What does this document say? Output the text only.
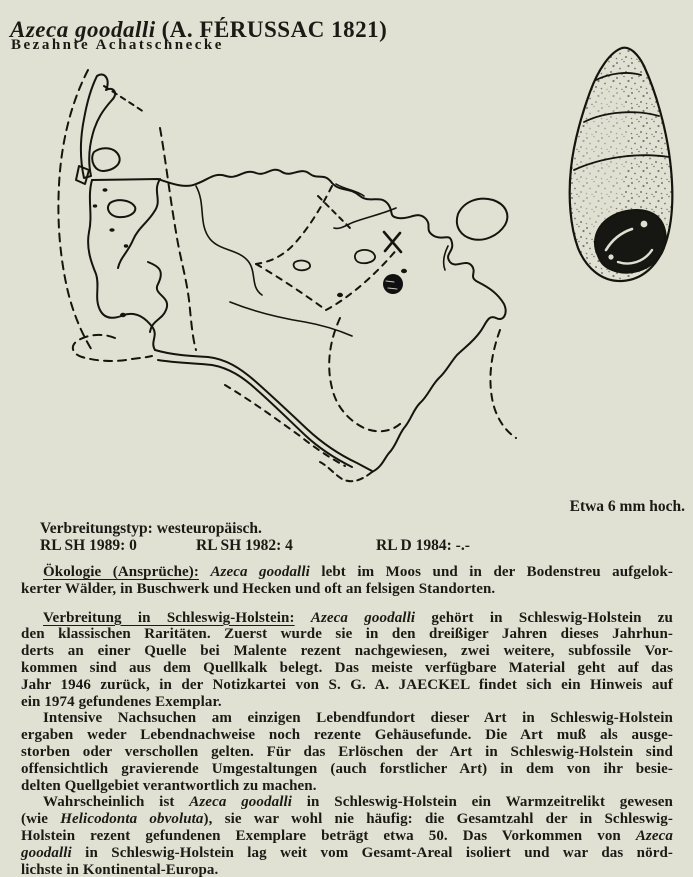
Azeca goodalli (A. FÉRUSSAC 1821)
Bezahnte Achatschnecke
Etwa 6 mm hoch.
Verbreitungstyp: westeuropäisch.
RL SH 1989: 0	RL SH 1982: 4	RL D 1984: -.-
Ökologie (Ansprüche): Azeca goodalli lebt im Moos und in der Bodenstreu aufgelok-
kerter Wälder, in Buschwerk und Hecken und oft an felsigen Standorten.
Verbreitung in Schleswig-Holstein: Azeca goodalli gehört in Schleswig-Holstein zu
den klassischen Raritäten. Zuerst wurde sie in den dreißiger Jahren dieses Jahrhun-
derts an einer Quelle bei Malente rezent nachgewiesen, zwei weitere, subfossile Vor-
kommen sind aus dem Quellkalk belegt. Das meiste verfügbare Material geht auf das
Jahr 1946 zurück, in der Notizkartei von S. G. A. JAECKEL findet sich ein Hinweis auf
ein 1974 gefundenes Exemplar.
Intensive Nachsuchen am einzigen Lebendfundort dieser Art in Schleswig-Holstein
ergaben weder Lebendnachweise noch rezente Gehäusefunde. Die Art muß als ausge-
storben oder verschollen gelten. Für das Erlöschen der Art in Schleswig-Holstein sind
offensichtlich gravierende Umgestaltungen (auch forstlicher Art) in dem von ihr besie-
delten Quellgebiet verantwortlich zu machen.
Wahrscheinlich ist Azeca goodalli in Schleswig-Holstein ein Warmzeitrelikt gewesen
(wie Helicodonta obvoluta), sie war wohl nie häufig: die Gesamtzahl der in Schleswig-
Holstein rezent gefundenen Exemplare beträgt etwa 50. Das Vorkommen von Azeca
goodalli in Schleswig-Holstein lag weit vom Gesamt-Areal isoliert und war das nörd-
lichste in Kontinental-Europa.
